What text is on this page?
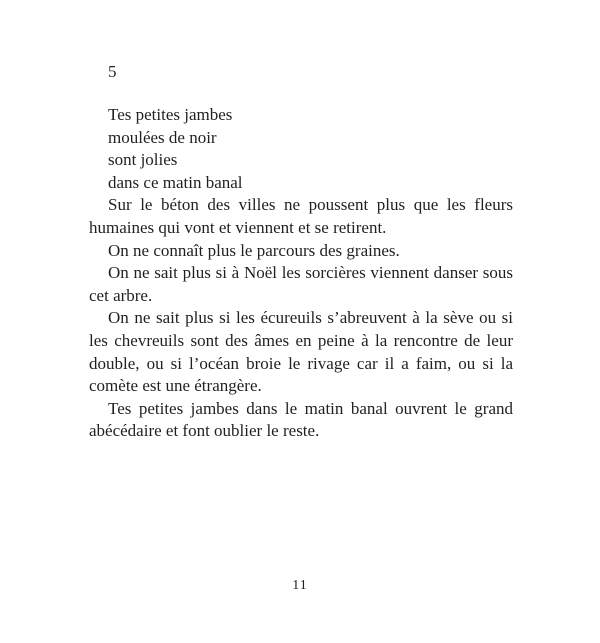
5

Tes petites jambes

moulées de noir

sont jolies

dans ce matin banal

Sur le béton des villes ne poussent plus que les fleurs humaines qui vont et viennent et se retirent.

On ne connaît plus le parcours des graines.

On ne sait plus si à Noël les sorcières viennent danser sous cet arbre.

On ne sait plus si les écureuils s’abreuvent à la sève ou si les chevreuils sont des âmes en peine à la rencontre de leur double, ou si l’océan broie le rivage car il a faim, ou si la comète est une étrangère.

Tes petites jambes dans le matin banal ouvrent le grand abécédaire et font oublier le reste.

11
